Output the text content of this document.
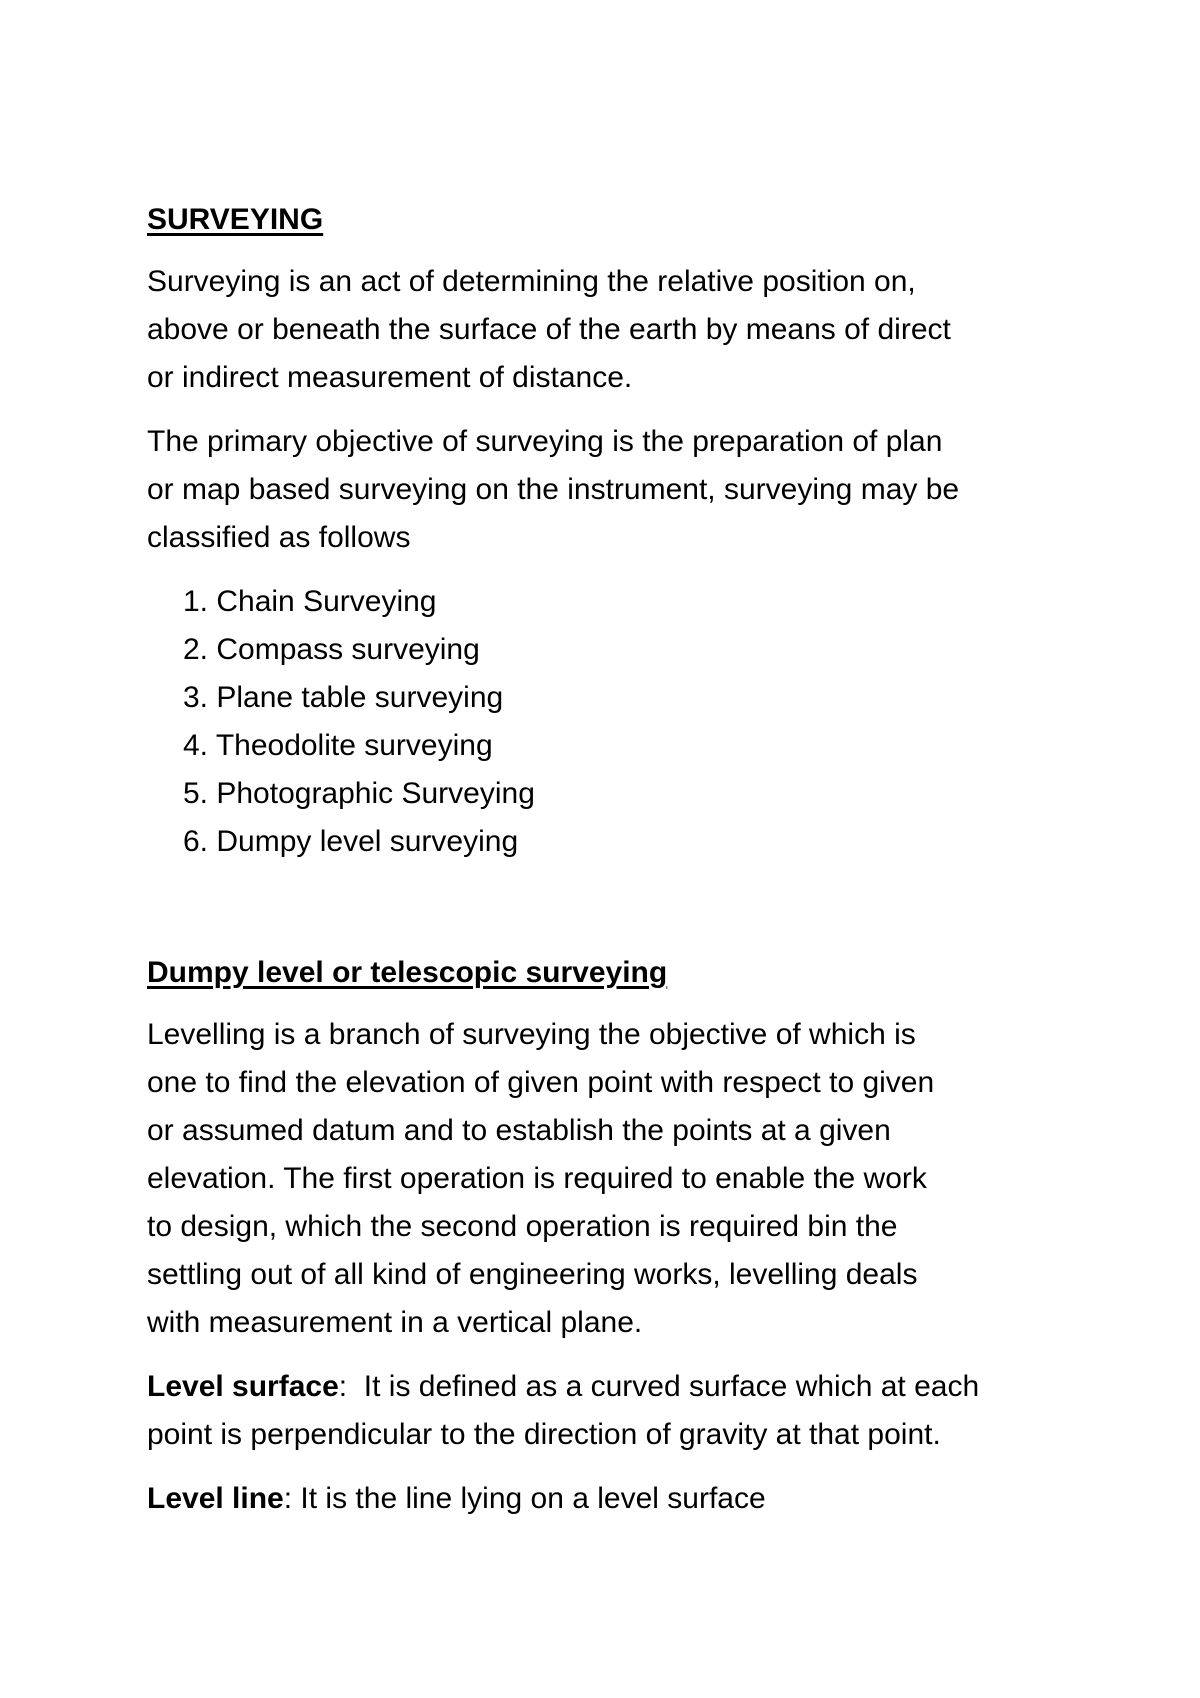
SURVEYING

Surveying is an act of determining the relative position on,
above or beneath the surface of the earth by means of direct
or indirect measurement of distance.

The primary objective of surveying is the preparation of plan
or map based surveying on the instrument, surveying may be
classified as follows

1. Chain Surveying
2. Compass surveying
3. Plane table surveying
4. Theodolite surveying
5. Photographic Surveying
6. Dumpy level surveying
Dumpy level or telescopic surveying

Levelling is a branch of surveying the objective of which is
one to find the elevation of given point with respect to given
or assumed datum and to establish the points at a given
elevation. The first operation is required to enable the work
to design, which the second operation is required bin the
settling out of all kind of engineering works, levelling deals
with measurement in a vertical plane.

Level surface:  It is defined as a curved surface which at each
point is perpendicular to the direction of gravity at that point.

Level line: It is the line lying on a level surface
